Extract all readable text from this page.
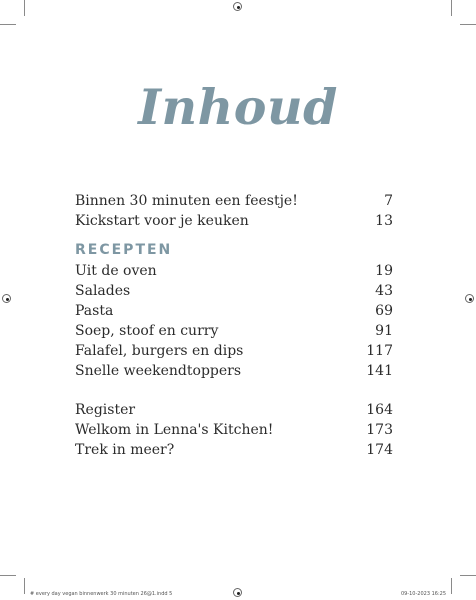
Inhoud
Binnen 30 minuten een feestje!	7
Kickstart voor je keuken	13
RECEPTEN
Uit de oven	19
Salades	43
Pasta	69
Soep, stoof en curry	91
Falafel, burgers en dips	117
Snelle weekendtoppers	141
Register	164
Welkom in Lenna's Kitchen!	173
Trek in meer?	174
# every day vegan binnenwerk 30 minuten 26@1.indd 5	09-10-2023 16:25
